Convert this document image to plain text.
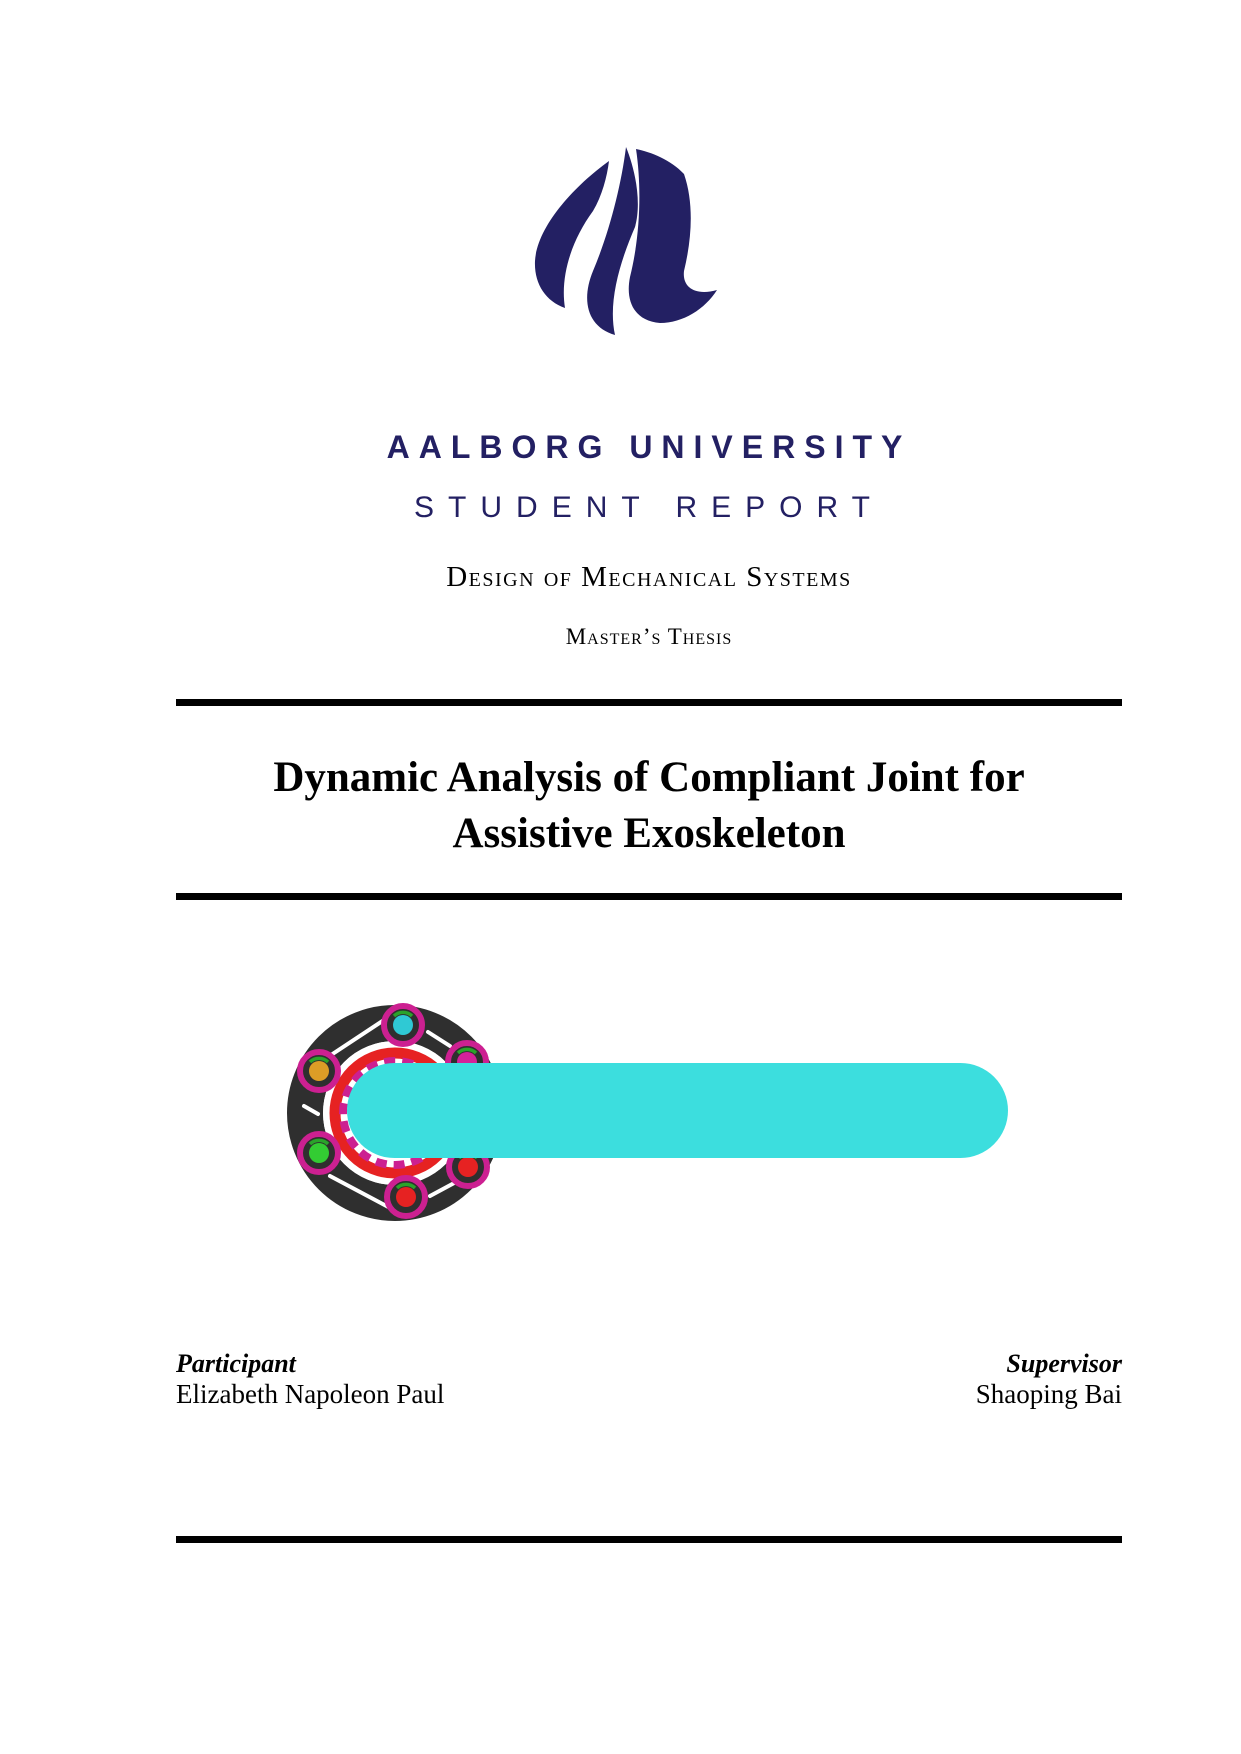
AALBORG UNIVERSITY
STUDENT REPORT
Design of Mechanical Systems
Master’s Thesis
Dynamic Analysis of Compliant Joint for
Assistive Exoskeleton
Participant
Elizabeth Napoleon Paul
Supervisor
Shaoping Bai
